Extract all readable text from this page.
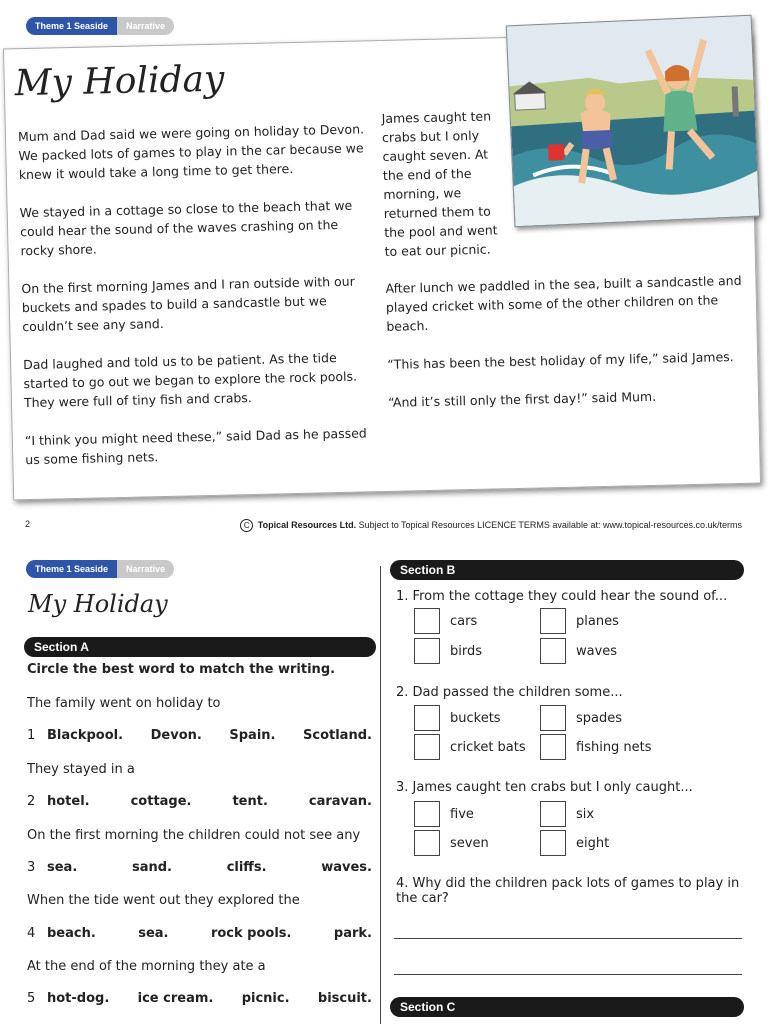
Theme 1 Seaside	Narrative
My Holiday

Mum and Dad said we were going on holiday to Devon. We packed lots of games to play in the car because we knew it would take a long time to get there.

We stayed in a cottage so close to the beach that we could hear the sound of the waves crashing on the rocky shore.

On the first morning James and I ran outside with our buckets and spades to build a sandcastle but we couldn’t see any sand.

Dad laughed and told us to be patient. As the tide started to go out we began to explore the rock pools. They were full of tiny fish and crabs.

“I think you might need these,” said Dad as he passed us some fishing nets.

James caught ten crabs but I only caught seven. At the end of the morning, we returned them to the pool and went to eat our picnic.

After lunch we paddled in the sea, built a sandcastle and played cricket with some of the other children on the beach.

“This has been the best holiday of my life,” said James.

“And it’s still only the first day!” said Mum.

2	C Topical Resources Ltd. Subject to Topical Resources LICENCE TERMS available at: www.topical-resources.co.uk/terms
Theme 1 Seaside	Narrative
My Holiday
Section A
Circle the best word to match the writing.
The family went on holiday to
1 Blackpool. Devon. Spain. Scotland.
They stayed in a
2 hotel.	cottage.	tent.	caravan.
On the first morning the children could not see any
3 sea.	sand.	cliffs.	waves.
When the tide went out they explored the
4 beach.	sea.	rock pools.	park.
At the end of the morning they ate a
5 hot-dog. ice cream. picnic. biscuit.
Section B
1. From the cottage they could hear the sound of...
cars	planes
birds	waves
2. Dad passed the children some...
buckets	spades
cricket bats	fishing nets
3. James caught ten crabs but I only caught...
five	six
seven	eight
4. Why did the children pack lots of games to play in the car?
Section C
